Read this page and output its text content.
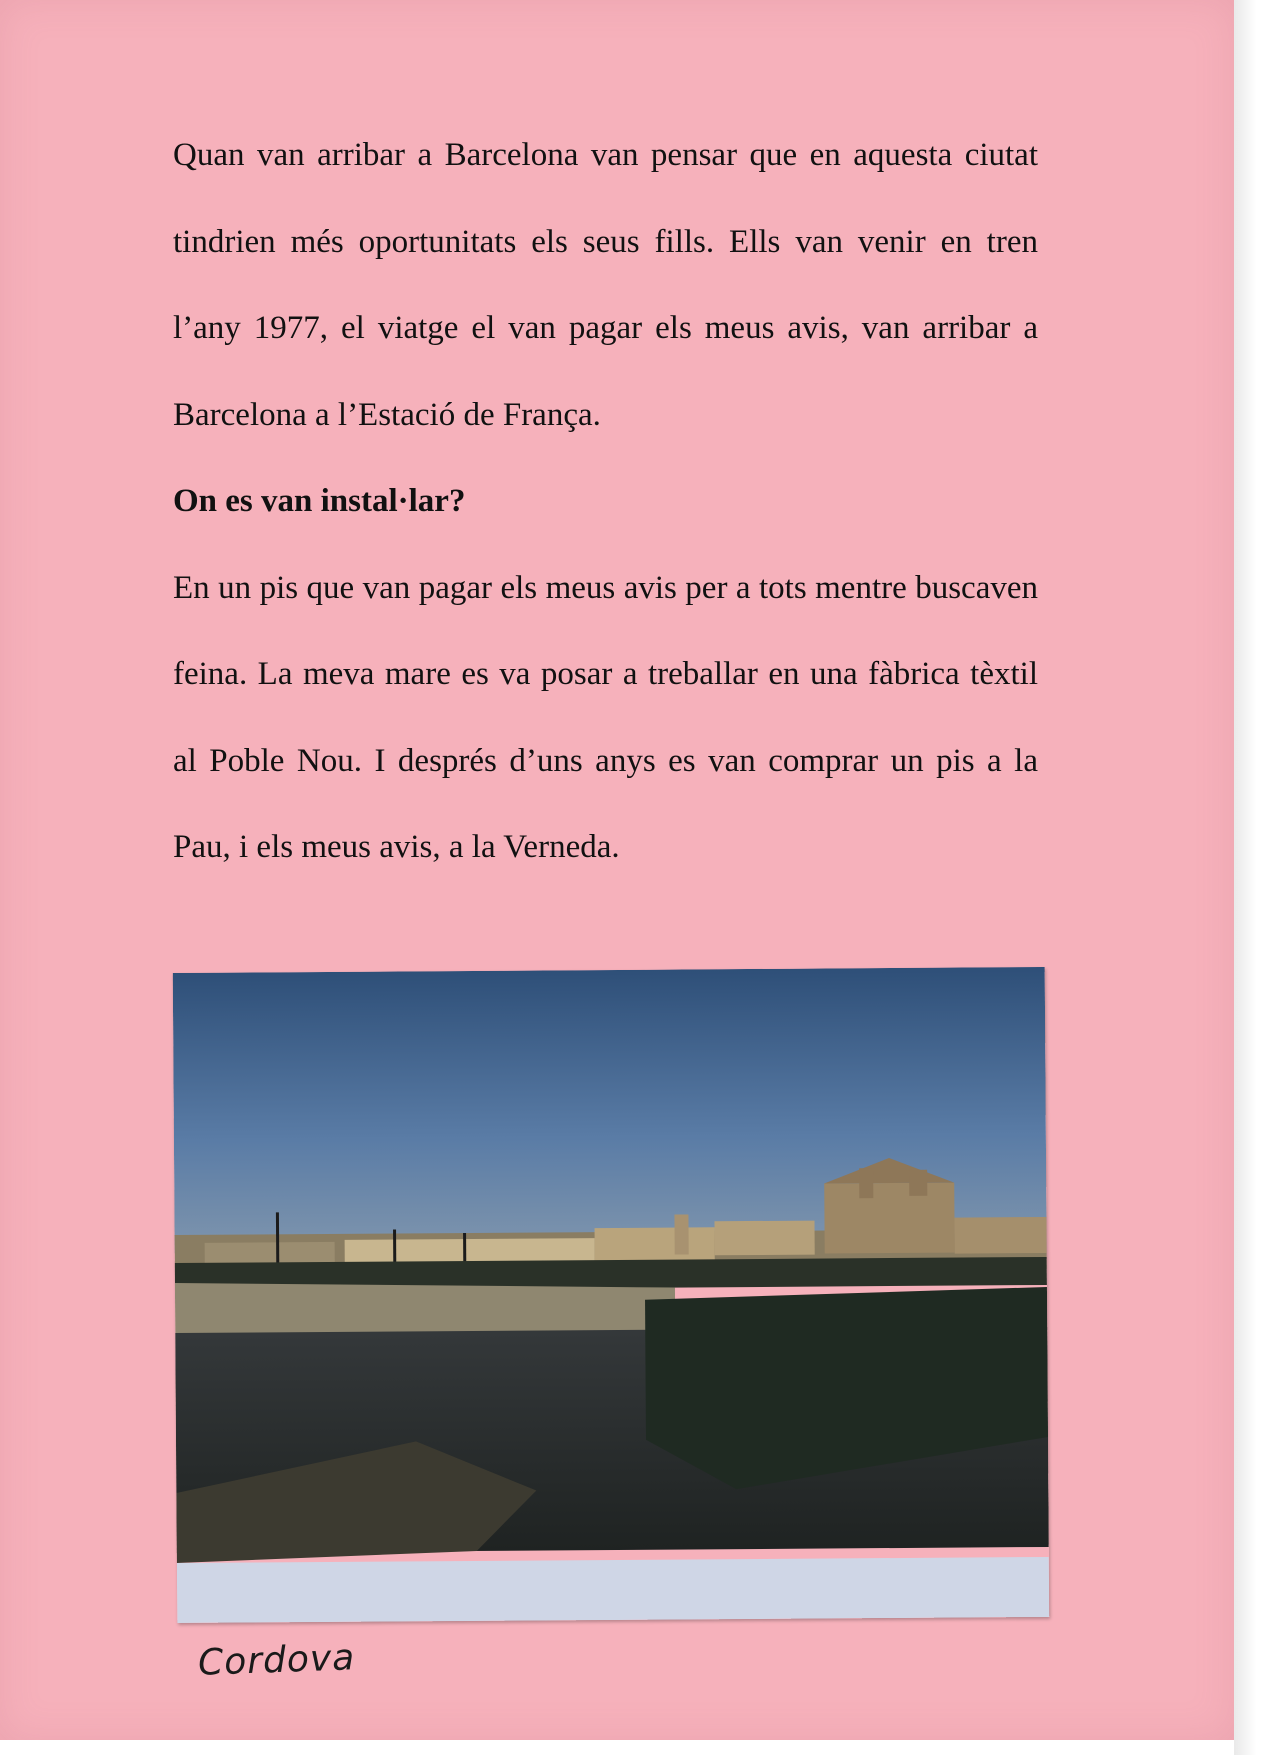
Quan van arribar a Barcelona van pensar que en aquesta ciutat tindrien més oportunitats els seus fills. Ells van venir en tren l’any 1977, el viatge el van pagar els meus avis, van arribar a Barcelona a l’Estació de França.

On es van instal·lar?

En un pis que van pagar els meus avis per a tots mentre buscaven feina. La meva mare es va posar a treballar en una fàbrica tèxtil al Poble Nou. I després d’uns anys es van comprar un pis a la Pau, i els meus avis, a la Verneda.

Cordova
